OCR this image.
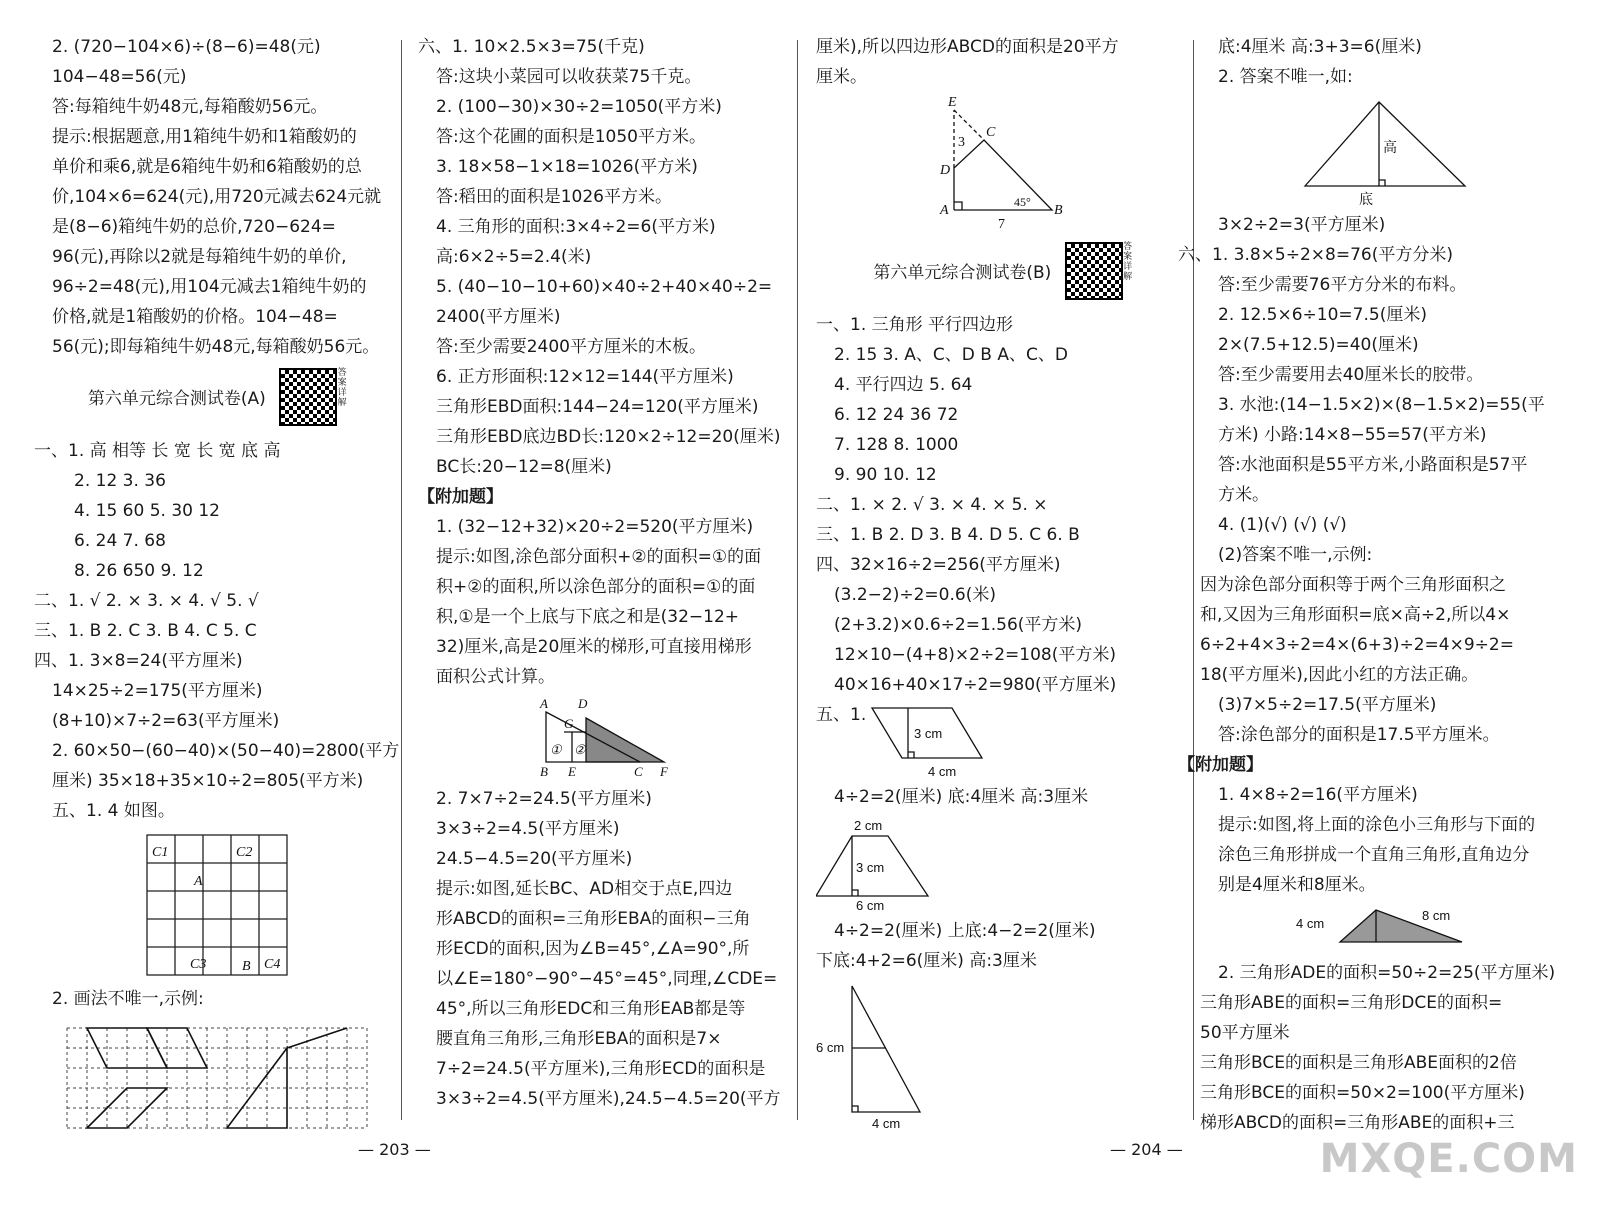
2. (720−104×6)÷(8−6)=48(元)
104−48=56(元)
答:每箱纯牛奶48元,每箱酸奶56元。
提示:根据题意,用1箱纯牛奶和1箱酸奶的
单价和乘6,就是6箱纯牛奶和6箱酸奶的总
价,104×6=624(元),用720元减去624元就
是(8−6)箱纯牛奶的总价,720−624=
96(元),再除以2就是每箱纯牛奶的单价,
96÷2=48(元),用104元减去1箱纯牛奶的
价格,就是1箱酸奶的价格。104−48=
56(元);即每箱纯牛奶48元,每箱酸奶56元。
第六单元综合测试卷(A)
答案详解
一、1. 高 相等 长 宽 长 宽 底 高
2. 12 3. 36
4. 15 60 5. 30 12
6. 24 7. 68
8. 26 650 9. 12
二、1. √ 2. × 3. × 4. √ 5. √
三、1. B 2. C 3. B 4. C 5. C
四、1. 3×8=24(平方厘米)
14×25÷2=175(平方厘米)
(8+10)×7÷2=63(平方厘米)
2. 60×50−(60−40)×(50−40)=2800(平方
厘米) 35×18+35×10÷2=805(平方米)
五、1. 4 如图。
C1	C2
A
C3	B C4
2. 画法不唯一,示例:
六、1. 10×2.5×3=75(千克)
答:这块小菜园可以收获菜75千克。
2. (100−30)×30÷2=1050(平方米)
答:这个花圃的面积是1050平方米。
3. 18×58−1×18=1026(平方米)
答:稻田的面积是1026平方米。
4. 三角形的面积:3×4÷2=6(平方米)
高:6×2÷5=2.4(米)
5. (40−10−10+60)×40÷2+40×40÷2=
2400(平方厘米)
答:至少需要2400平方厘米的木板。
6. 正方形面积:12×12=144(平方厘米)
三角形EBD面积:144−24=120(平方厘米)
三角形EBD底边BD长:120×2÷12=20(厘米)
BC长:20−12=8(厘米)
【附加题】
1. (32−12+32)×20÷2=520(平方厘米)
提示:如图,涂色部分面积+②的面积=①的面
积+②的面积,所以涂色部分的面积=①的面
积,①是一个上底与下底之和是(32−12+
32)厘米,高是20厘米的梯形,可直接用梯形
面积公式计算。
A D
G
① ②
B E	C F
2. 7×7÷2=24.5(平方厘米)
3×3÷2=4.5(平方厘米)
24.5−4.5=20(平方厘米)
提示:如图,延长BC、AD相交于点E,四边
形ABCD的面积=三角形EBA的面积−三角
形ECD的面积,因为∠B=45°,∠A=90°,所
以∠E=180°−90°−45°=45°,同理,∠CDE=
45°,所以三角形EDC和三角形EAB都是等
腰直角三角形,三角形EBA的面积是7×
7÷2=24.5(平方厘米),三角形ECD的面积是
3×3÷2=4.5(平方厘米),24.5−4.5=20(平方
厘米),所以四边形ABCD的面积是20平方
厘米。
E
C
3
D
A
45°
B
7
第六单元综合测试卷(B)
答案详解
一、1. 三角形 平行四边形
2. 15 3. A、C、D B A、C、D
4. 平行四边 5. 64
6. 12 24 36 72
7. 128 8. 1000
9. 90 10. 12
二、1. × 2. √ 3. × 4. × 5. ×
三、1. B 2. D 3. B 4. D 5. C 6. B
四、32×16÷2=256(平方厘米)
(3.2−2)÷2=0.6(米)
(2+3.2)×0.6÷2=1.56(平方米)
12×10−(4+8)×2÷2=108(平方米)
40×16+40×17÷2=980(平方厘米)
五、1.
3 cm
4 cm
4÷2=2(厘米) 底:4厘米 高:3厘米
2 cm
3 cm
6 cm
4÷2=2(厘米) 上底:4−2=2(厘米)
下底:4+2=6(厘米) 高:3厘米
6 cm
4 cm
底:4厘米 高:3+3=6(厘米)
2. 答案不唯一,如:
高
底
3×2÷2=3(平方厘米)
六、1. 3.8×5÷2×8=76(平方分米)
答:至少需要76平方分米的布料。
2. 12.5×6÷10=7.5(厘米)
2×(7.5+12.5)=40(厘米)
答:至少需要用去40厘米长的胶带。
3. 水池:(14−1.5×2)×(8−1.5×2)=55(平
方米) 小路:14×8−55=57(平方米)
答:水池面积是55平方米,小路面积是57平
方米。
4. (1)(√) (√) (√)
(2)答案不唯一,示例:
因为涂色部分面积等于两个三角形面积之
和,又因为三角形面积=底×高÷2,所以4×
6÷2+4×3÷2=4×(6+3)÷2=4×9÷2=
18(平方厘米),因此小红的方法正确。
(3)7×5÷2=17.5(平方厘米)
答:涂色部分的面积是17.5平方厘米。
【附加题】
1. 4×8÷2=16(平方厘米)
提示:如图,将上面的涂色小三角形与下面的
涂色三角形拼成一个直角三角形,直角边分
别是4厘米和8厘米。
4 cm
8 cm
2. 三角形ADE的面积=50÷2=25(平方厘米)
三角形ABE的面积=三角形DCE的面积=
50平方厘米
三角形BCE的面积是三角形ABE面积的2倍
三角形BCE的面积=50×2=100(平方厘米)
梯形ABCD的面积=三角形ABE的面积+三
— 203 —	— 204 —	MXQE.COM
